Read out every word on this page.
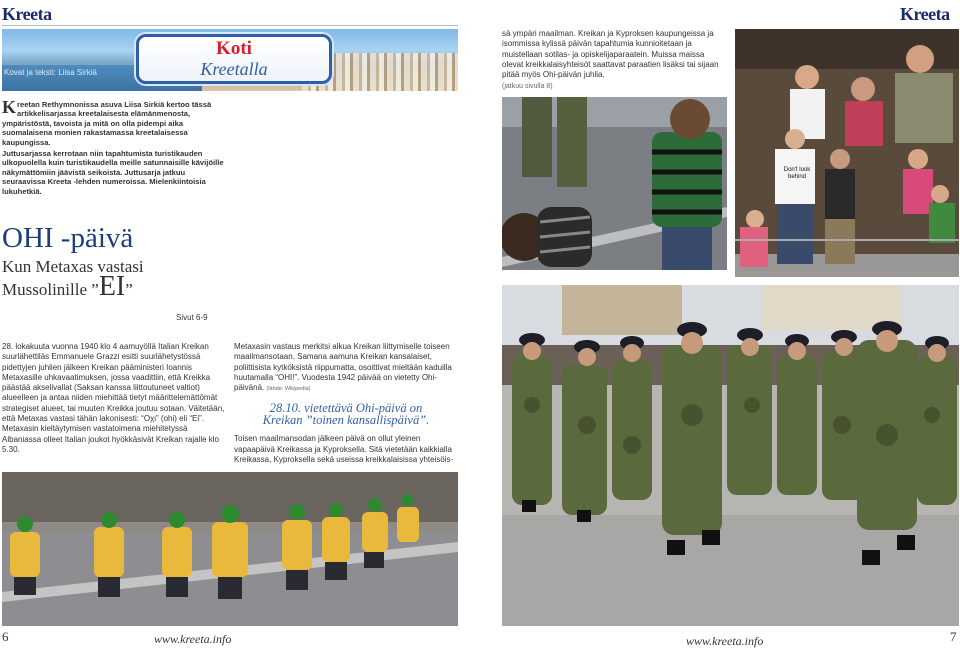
Kreeta	Kreeta
Kovat ja teksti: Liisa Sirkiä
Koti
Kreetalla

Kreetan Rethymnonissa asuva Liisa Sirkiä kertoo tässä artikkelisarjassa kreetalaisesta elämänmenosta, ympäristöstä, tavoista ja mitä on olla pidempi aika suomalaisena monien rakastamassa kreetalaisessa kaupungissa.

Juttusarjassa kerrotaan niin tapahtumista turistikauden ulkopuolella kuin turistikaudella meille satunnaisille kävijöille näkymättömiin jäävistä seikoista. Juttusarja jatkuu seuraavissa Kreeta -lehden numeroissa. Mielenkiintoisia lukuhetkiä.

OHI -päivä
Kun Metaxas vastasi
Mussolinille ”EI”
Sivut 6-9

28. lokakuuta vuonna 1940 klo 4 aamuyöllä Italian Kreikan suurlähettiläs Emmanuele Grazzi esitti suurlähetystössä pidettyjen juhlien jälkeen Kreikan pääministeri Ioannis Metaxasille uhkavaatimuksen, jossa vaadittiin, että Kreikka päästää akselivallat (Saksan kanssa liittoutuneet valtiot) alueelleen ja antaa niiden miehittää tietyt määrittelemättömät strategiset alueet, tai muuten Kreikka joutuu sotaan. Väitetään, että Metaxas vastasi tähän lakonisesti: “Oχι” (ohi) eli “Ei”. Metaxasin kieltäytymisen vastatoimena miehitetyssä Albaniassa olleet Italian joukot hyökkäsivät Kreikan rajalle klo 5.30.

Metaxasin vastaus merkitsi alkua Kreikan liittymiselle toiseen maailmansotaan. Samana aamuna Kreikan kansalaiset, poliittisista kytköksistä riippumatta, osoittivat mieltään kaduilla huutamalla “OHI!”. Vuodesta 1942 päivää on vietetty Ohi-päivänä. (lähde: Wikipedia)

28.10. vietettävä Ohi-päivä on
Kreikan ”toinen kansallispäivä”.

Toisen maailmansodan jälkeen päivä on ollut yleinen vapaapäivä Kreikassa ja Kyproksella. Sitä vietetään kaikkialla Kreikassa, Kyproksella sekä useissa kreikkalaisissa yhteisöis-

Don't look behind

sä ympäri maailman. Kreikan ja Kyproksen kaupungeissa ja isommissa kylissä päivän tapahtumia kunnioitetaan ja muistellaan sotilas- ja opiskelijaparaatein. Muissa maissa olevat kreikkalaisyhteisöt saattavat paraatien lisäksi tai sijaan pitää myös Ohi-päivän juhlia.

(jatkuu sivulla 8)

6	www.kreeta.info	www.kreeta.info	7
